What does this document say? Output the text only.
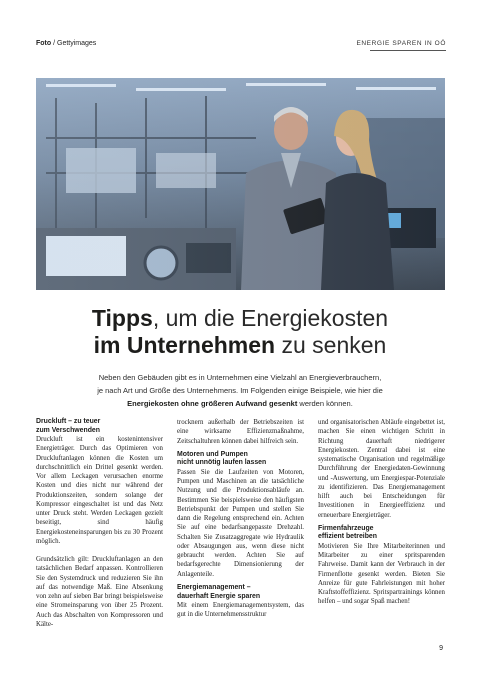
Foto / Gettyimages	ENERGIE SPAREN IN OÖ
Tipps, um die Energiekosten
im Unternehmen zu senken
Neben den Gebäuden gibt es in Unternehmen eine Vielzahl an Energieverbrauchern,
je nach Art und Größe des Unternehmens. Im Folgenden einige Beispiele, wie hier die
Energiekosten ohne größeren Aufwand gesenkt werden können.
Druckluft – zu teuer
zum Verschwenden

Druckluft ist ein kostenintensiver Energieträger. Durch das Optimieren von Druckluftanlagen können die Kosten um durchschnittlich ein Drittel gesenkt werden. Vor allem Leckagen verursachen enorme Kosten und dies nicht nur während der Produktionszeiten, sondern solange der Kompressor eingeschaltet ist und das Netz unter Druck steht. Werden Leckagen gezielt beseitigt, sind häufig Energiekosteneinsparungen bis zu 30 Prozent möglich.

Grundsätzlich gilt: Druckluftanlagen an den tatsächlichen Bedarf anpassen. Kontrollieren Sie den Systemdruck und reduzieren Sie ihn auf das notwendige Maß. Eine Absenkung von zehn auf sieben Bar bringt beispielsweise eine Stromeinsparung von über 25 Prozent. Auch das Abschalten von Kompressoren und Kälte-

trocknern außerhalb der Betriebszeiten ist eine wirksame Effizienzmaßnahme, Zeitschaltuhren können dabei hilfreich sein.

Motoren und Pumpen
nicht unnötig laufen lassen

Passen Sie die Laufzeiten von Motoren, Pumpen und Maschinen an die tatsächliche Nutzung und die Produktionsabläufe an. Bestimmen Sie beispielsweise den häufigsten Betriebspunkt der Pumpen und stellen Sie dann die Regelung entsprechend ein. Achten Sie auf eine bedarfsangepasste Drehzahl. Schalten Sie Zusatzaggregate wie Hydraulik oder Absaugungen aus, wenn diese nicht gebraucht werden. Achten Sie auf bedarfsgerechte Dimensionierung der Anlagenteile.

Energiemanagement –
dauerhaft Energie sparen

Mit einem Energiemanagementsystem, das gut in die Unternehmensstruktur

und organisatorischen Abläufe eingebettet ist, machen Sie einen wichtigen Schritt in Richtung dauerhaft niedrigerer Energiekosten. Zentral dabei ist eine systematische Organisation und regelmäßige Durchführung der Energiedaten-Gewinnung und -Auswertung, um Energiespar-Potenziale zu identifizieren. Das Energiemanagement hilft auch bei Entscheidungen für Investitionen in Energieeffizienz und erneuerbare Energieträger.

Firmenfahrzeuge
effizient betreiben

Motivieren Sie Ihre Mitarbeiterinnen und Mitarbeiter zu einer spritsparenden Fahrweise. Damit kann der Verbrauch in der Firmenflotte gesenkt werden. Bieten Sie Anreize für gute Fahrleistungen mit hoher Kraftstoffeffizienz. Spritspartrainings können helfen – und sogar Spaß machen!

9
